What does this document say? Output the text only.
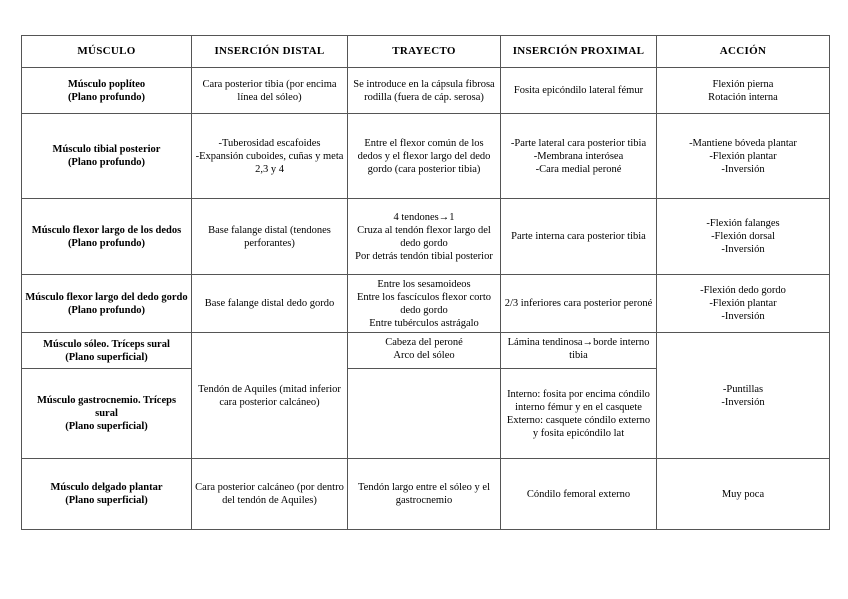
MÚSCULO	INSERCIÓN DISTAL	TRAYECTO	INSERCIÓN PROXIMAL	ACCIÓN

Músculo poplíteo
(Plano profundo)	Cara posterior tibia (por encima línea del sóleo)	Se introduce en la cápsula fibrosa rodilla (fuera de cáp. serosa)	Fosita epicóndilo lateral fémur	Flexión pierna
Rotación interna

Músculo tibial posterior
(Plano profundo)	-Tuberosidad escafoides
-Expansión cuboides, cuñas y meta 2,3 y 4	Entre el flexor común de los dedos y el flexor largo del dedo gordo (cara posterior tibia)	-Parte lateral cara posterior tibia
-Membrana interósea
-Cara medial peroné	-Mantiene bóveda plantar
-Flexión plantar
-Inversión

Músculo flexor largo de los dedos
(Plano profundo)	Base falange distal (tendones perforantes)	4 tendones→1
Cruza al tendón flexor largo del dedo gordo
Por detrás tendón tibial posterior	Parte interna cara posterior tibia	-Flexión falanges
-Flexión dorsal
-Inversión

Músculo flexor largo del dedo gordo
(Plano profundo)	Base falange distal dedo gordo	Entre los sesamoideos
Entre los fascículos flexor corto dedo gordo
Entre tubérculos astrágalo	2/3 inferiores cara posterior peroné	-Flexión dedo gordo
-Flexión plantar
-Inversión

Músculo sóleo. Tríceps sural
(Plano superficial)	Tendón de Aquiles (mitad inferior cara posterior calcáneo)	Cabeza del peroné
Arco del sóleo	Lámina tendinosa→borde interno tibia	-Puntillas
-Inversión

Músculo gastrocnemio. Tríceps sural
(Plano superficial)			Interno: fosita por encima cóndilo interno fémur y en el casquete
Externo: casquete cóndilo externo y fosita epicóndilo lat	

Músculo delgado plantar
(Plano superficial)	Cara posterior calcáneo (por dentro del tendón de Aquiles)	Tendón largo entre el sóleo y el gastrocnemio	Cóndilo femoral externo	Muy poca
